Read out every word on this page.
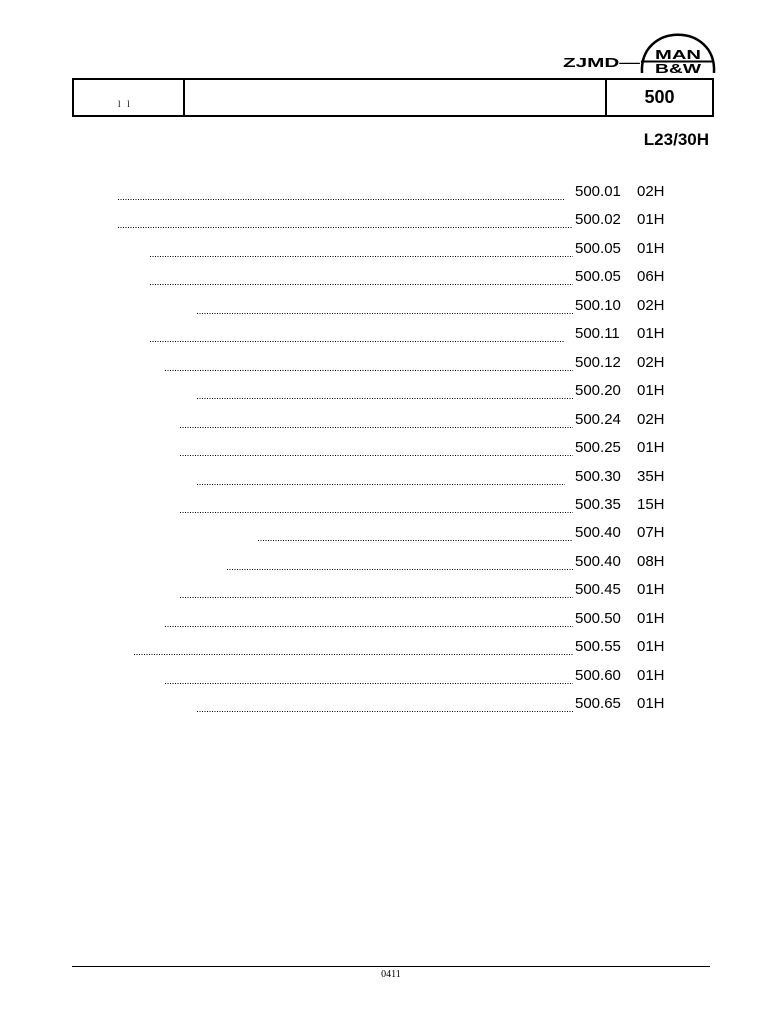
ZJMD—
MAN
B&W
l   l	500
L23/30H
500.01 02H
500.02 01H
500.05 01H
500.05 06H
500.10 02H
500.11 01H
500.12 02H
500.20 01H
500.24 02H
500.25 01H
500.30 35H
500.35 15H
500.40 07H
500.40 08H
500.45 01H
500.50 01H
500.55 01H
500.60 01H
500.65 01H
0411
